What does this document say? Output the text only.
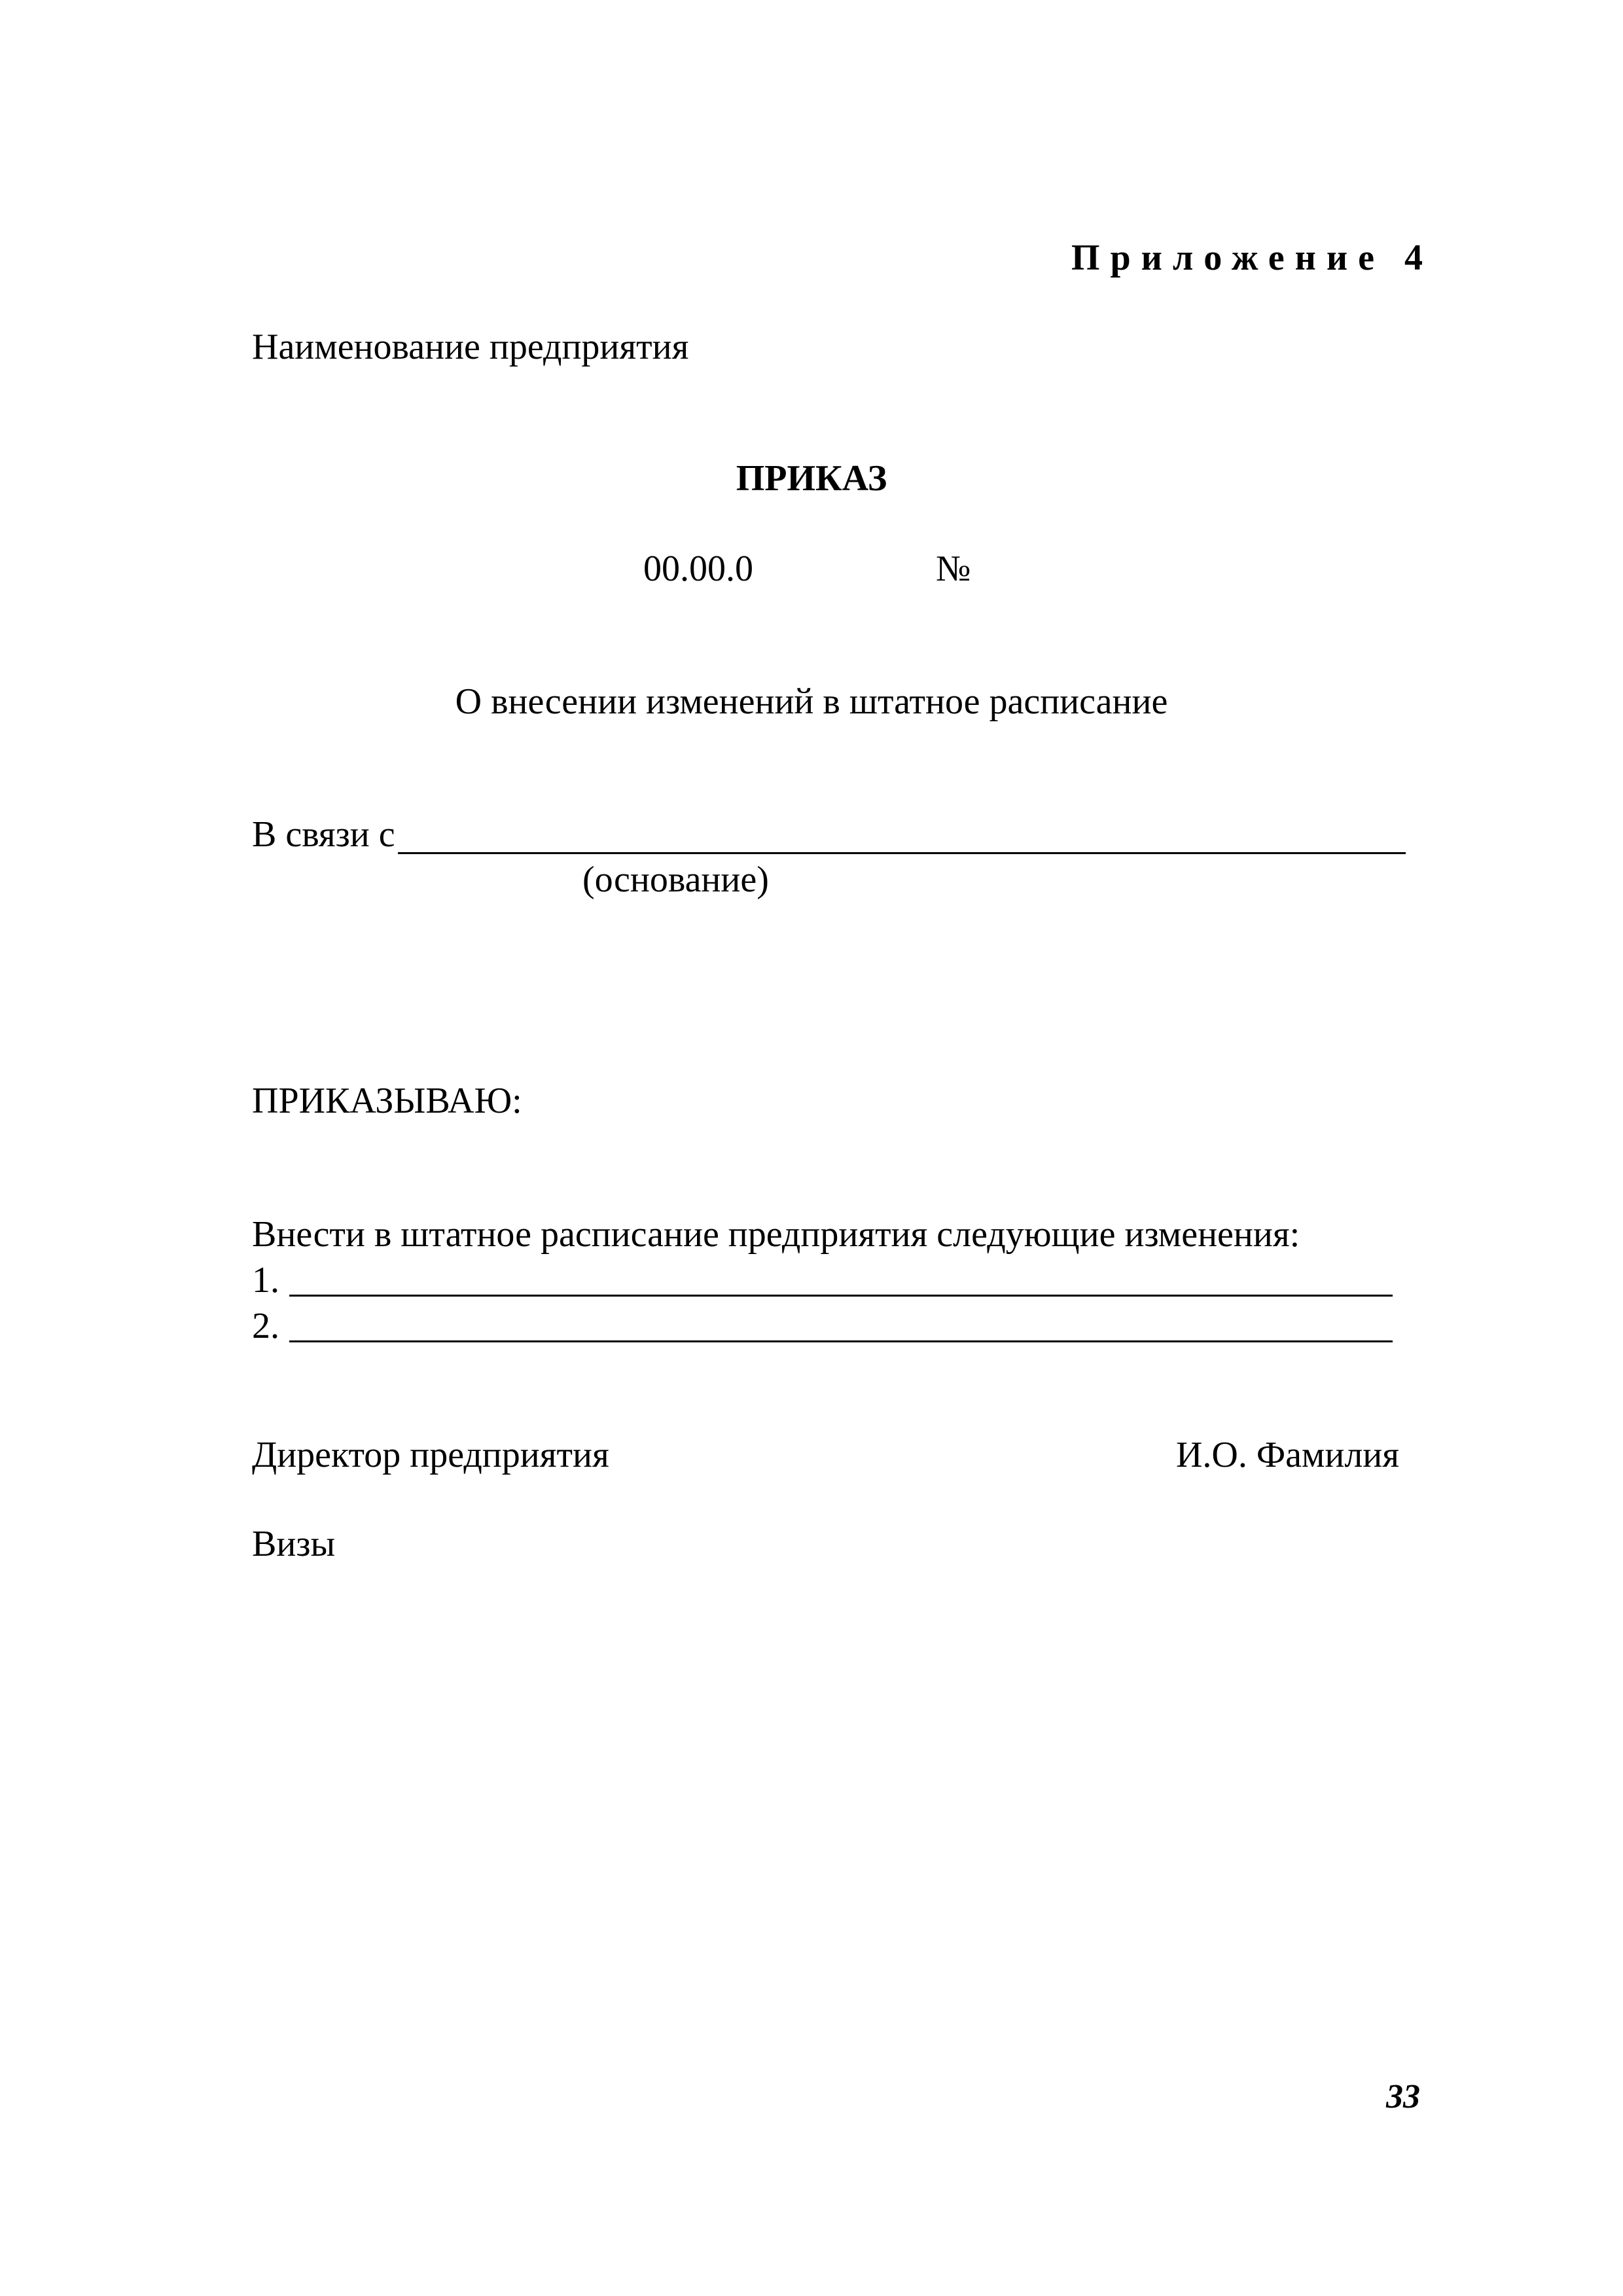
Приложение 4
Наименование предприятия
ПРИКАЗ
00.00.0	№
О внесении изменений в штатное расписание
В связи с
(основание)
ПРИКАЗЫВАЮ:
Внести в штатное расписание предприятия следующие изменения:
1.
2.
Директор предприятия	И.О. Фамилия
Визы
33
